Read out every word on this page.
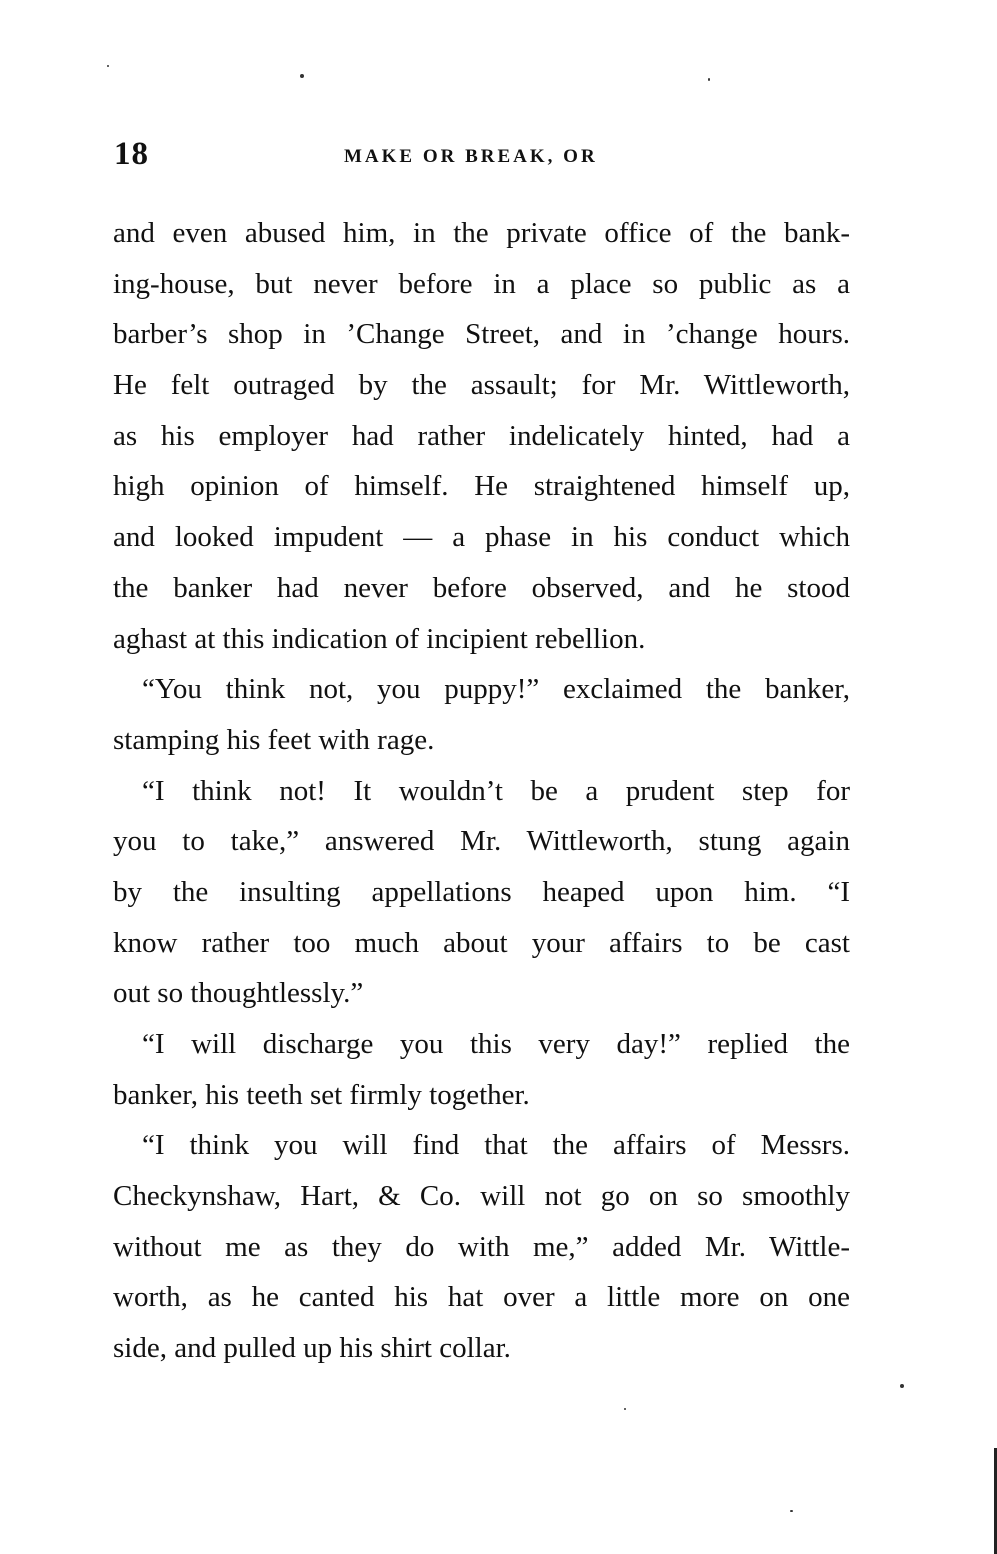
18	MAKE OR BREAK, OR
and even abused him, in the private office of the bank-
ing-house, but never before in a place so public as a
barber’s shop in ’Change Street, and in ’change hours.
He felt outraged by the assault; for Mr. Wittleworth,
as his employer had rather indelicately hinted, had a
high opinion of himself. He straightened himself up,
and looked impudent — a phase in his conduct which
the banker had never before observed, and he stood
aghast at this indication of incipient rebellion.
“You think not, you puppy!” exclaimed the banker,
stamping his feet with rage.
“I think not! It wouldn’t be a prudent step for
you to take,” answered Mr. Wittleworth, stung again
by the insulting appellations heaped upon him. “I
know rather too much about your affairs to be cast
out so thoughtlessly.”
“I will discharge you this very day!” replied the
banker, his teeth set firmly together.
“I think you will find that the affairs of Messrs.
Checkynshaw, Hart, & Co. will not go on so smoothly
without me as they do with me,” added Mr. Wittle-
worth, as he canted his hat over a little more on one
side, and pulled up his shirt collar.
